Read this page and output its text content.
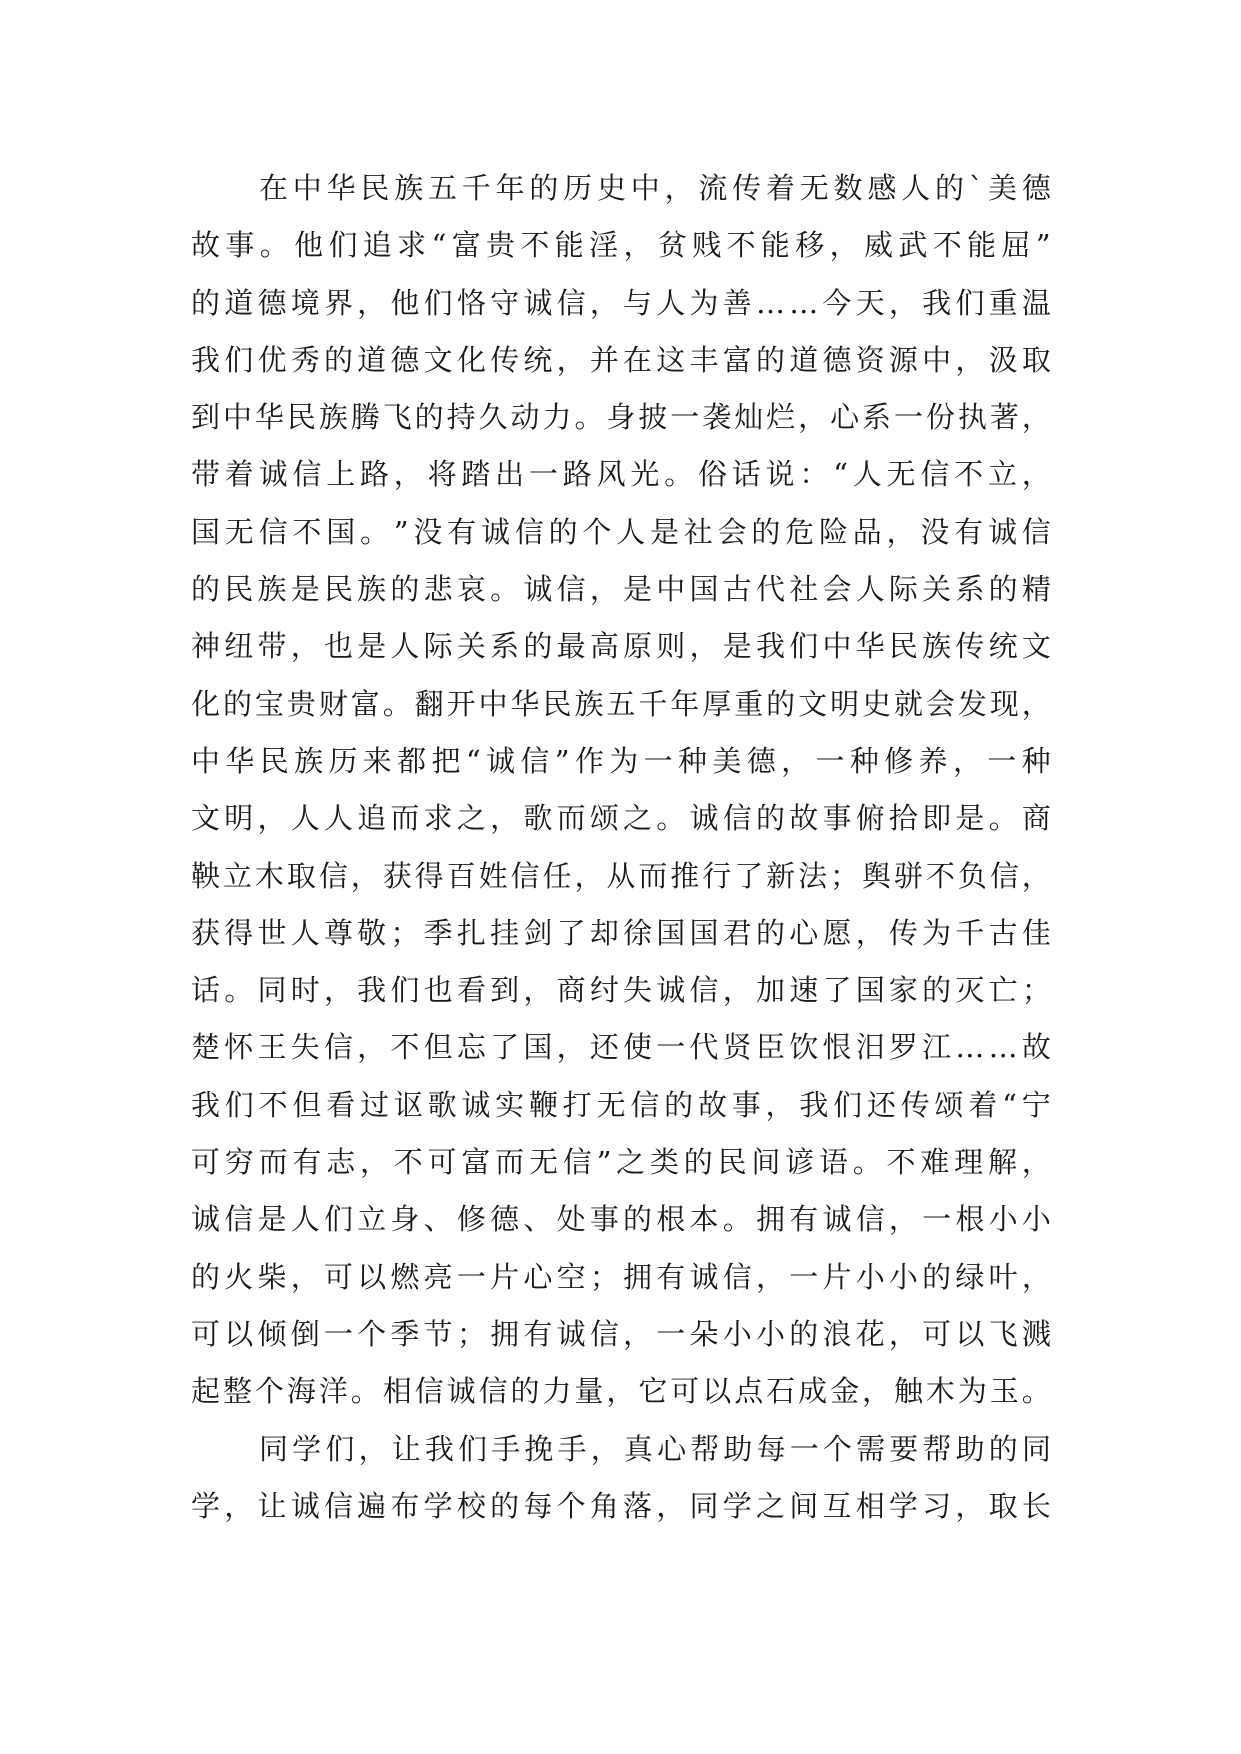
在 中 华 民 族 五 千 年 的 历 史 中 ， 流 传 着 无 数 感 人 的 ` 美 德
故 事 。 他 们 追 求 “ 富 贵 不 能 淫 ， 贫 贱 不 能 移 ， 威 武 不 能 屈 ”
的 道 德 境 界 ， 他 们 恪 守 诚 信 ， 与 人 为 善 … … 今 天 ， 我 们 重 温
我 们 优 秀 的 道 德 文 化 传 统 ， 并 在 这 丰 富 的 道 德 资 源 中 ， 汲 取
到 中 华 民 族 腾 飞 的 持 久 动 力 。 身 披 一 袭 灿 烂 ， 心 系 一 份 执 著 ，
带 着 诚 信 上 路 ， 将 踏 出 一 路 风 光 。 俗 话 说 ： “ 人 无 信 不 立 ，
国 无 信 不 国 。 ” 没 有 诚 信 的 个 人 是 社 会 的 危 险 品 ， 没 有 诚 信
的 民 族 是 民 族 的 悲 哀 。 诚 信 ， 是 中 国 古 代 社 会 人 际 关 系 的 精
神 纽 带 ， 也 是 人 际 关 系 的 最 高 原 则 ， 是 我 们 中 华 民 族 传 统 文
化 的 宝 贵 财 富 。 翻 开 中 华 民 族 五 千 年 厚 重 的 文 明 史 就 会 发 现 ，
中 华 民 族 历 来 都 把 “ 诚 信 ” 作 为 一 种 美 德 ， 一 种 修 养 ， 一 种
文 明 ， 人 人 追 而 求 之 ， 歌 而 颂 之 。 诚 信 的 故 事 俯 拾 即 是 。 商
鞅 立 木 取 信 ， 获 得 百 姓 信 任 ， 从 而 推 行 了 新 法 ； 舆 骈 不 负 信 ，
获 得 世 人 尊 敬 ； 季 扎 挂 剑 了 却 徐 国 国 君 的 心 愿 ， 传 为 千 古 佳
话 。 同 时 ， 我 们 也 看 到 ， 商 纣 失 诚 信 ， 加 速 了 国 家 的 灭 亡 ；
楚 怀 王 失 信 ， 不 但 忘 了 国 ， 还 使 一 代 贤 臣 饮 恨 汨 罗 江 … … 故
我 们 不 但 看 过 讴 歌 诚 实 鞭 打 无 信 的 故 事 ， 我 们 还 传 颂 着 “ 宁
可 穷 而 有 志 ， 不 可 富 而 无 信 ” 之 类 的 民 间 谚 语 。 不 难 理 解 ，
诚 信 是 人 们 立 身 、 修 德 、 处 事 的 根 本 。 拥 有 诚 信 ， 一 根 小 小
的 火 柴 ， 可 以 燃 亮 一 片 心 空 ； 拥 有 诚 信 ， 一 片 小 小 的 绿 叶 ，
可 以 倾 倒 一 个 季 节 ； 拥 有 诚 信 ， 一 朵 小 小 的 浪 花 ， 可 以 飞 溅
起 整 个 海 洋 。 相 信 诚 信 的 力 量 ， 它 可 以 点 石 成 金 ， 触 木 为 玉 。
同 学 们 ， 让 我 们 手 挽 手 ， 真 心 帮 助 每 一 个 需 要 帮 助 的 同
学 ， 让 诚 信 遍 布 学 校 的 每 个 角 落 ， 同 学 之 间 互 相 学 习 ， 取 长
